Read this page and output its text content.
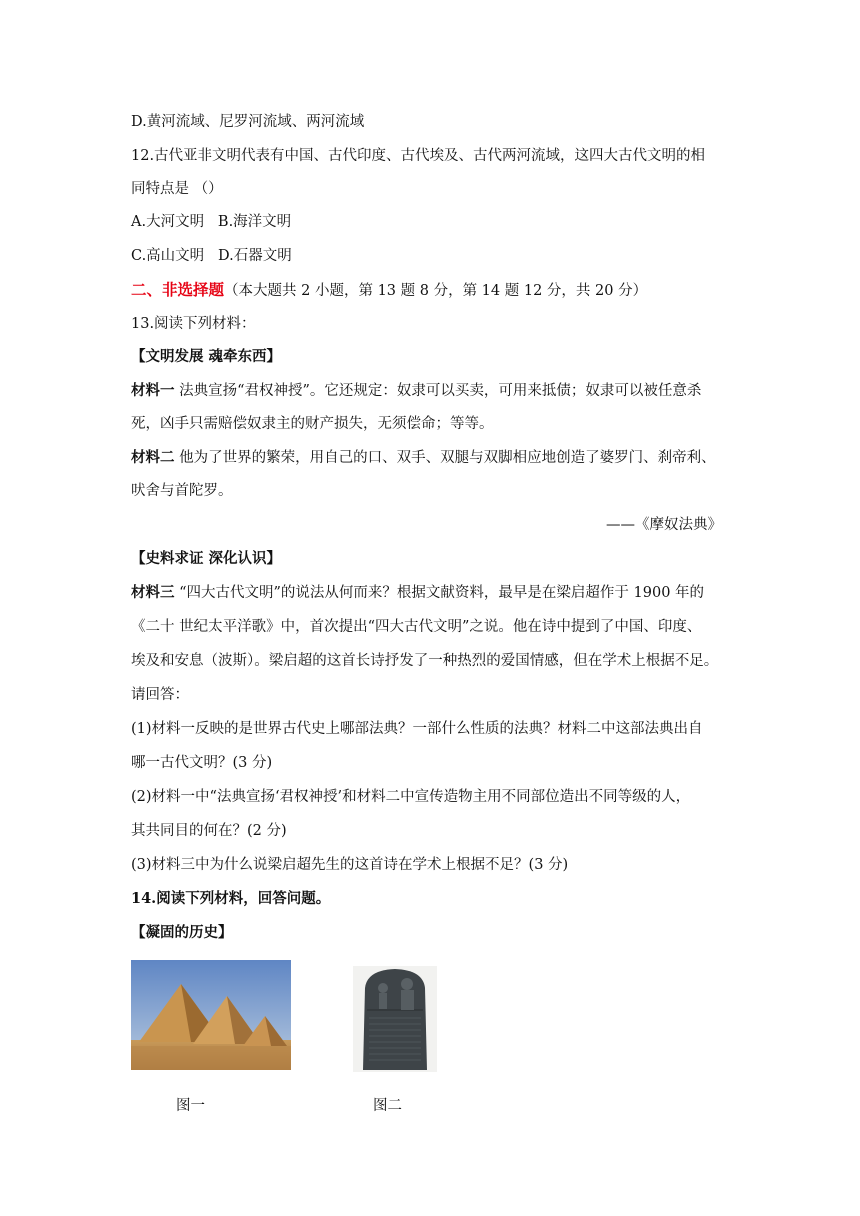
D.黄河流域、尼罗河流域、两河流域
12.古代亚非文明代表有中国、古代印度、古代埃及、古代两河流域，这四大古代文明的相
同特点是 （）
A.大河文明 B.海洋文明
C.高山文明 D.石器文明
二、非选择题（本大题共 2 小题，第 13 题 8 分，第 14 题 12 分，共 20 分）
13.阅读下列材料：
【文明发展 魂牵东西】
材料一 法典宣扬“君权神授”。它还规定：奴隶可以买卖，可用来抵债；奴隶可以被任意杀
死，凶手只需赔偿奴隶主的财产损失，无须偿命；等等。
材料二 他为了世界的繁荣，用自己的口、双手、双腿与双脚相应地创造了婆罗门、刹帝利、
吠舍与首陀罗。
——《摩奴法典》
【史料求证 深化认识】
材料三 “四大古代文明”的说法从何而来？根据文献资料，最早是在梁启超作于 1900 年的
《二十 世纪太平洋歌》中，首次提出“四大古代文明”之说。他在诗中提到了中国、印度、
埃及和安息（波斯）。梁启超的这首长诗抒发了一种热烈的爱国情感，但在学术上根据不足。
请回答：
(1)材料一反映的是世界古代史上哪部法典？一部什么性质的法典？材料二中这部法典出自
哪一古代文明？(3 分)
(2)材料一中“法典宣扬‘君权神授’和材料二中宣传造物主用不同部位造出不同等级的人，
其共同目的何在？(2 分)
(3)材料三中为什么说梁启超先生的这首诗在学术上根据不足？(3 分)
14.阅读下列材料，回答问题。
【凝固的历史】
图一	图二
